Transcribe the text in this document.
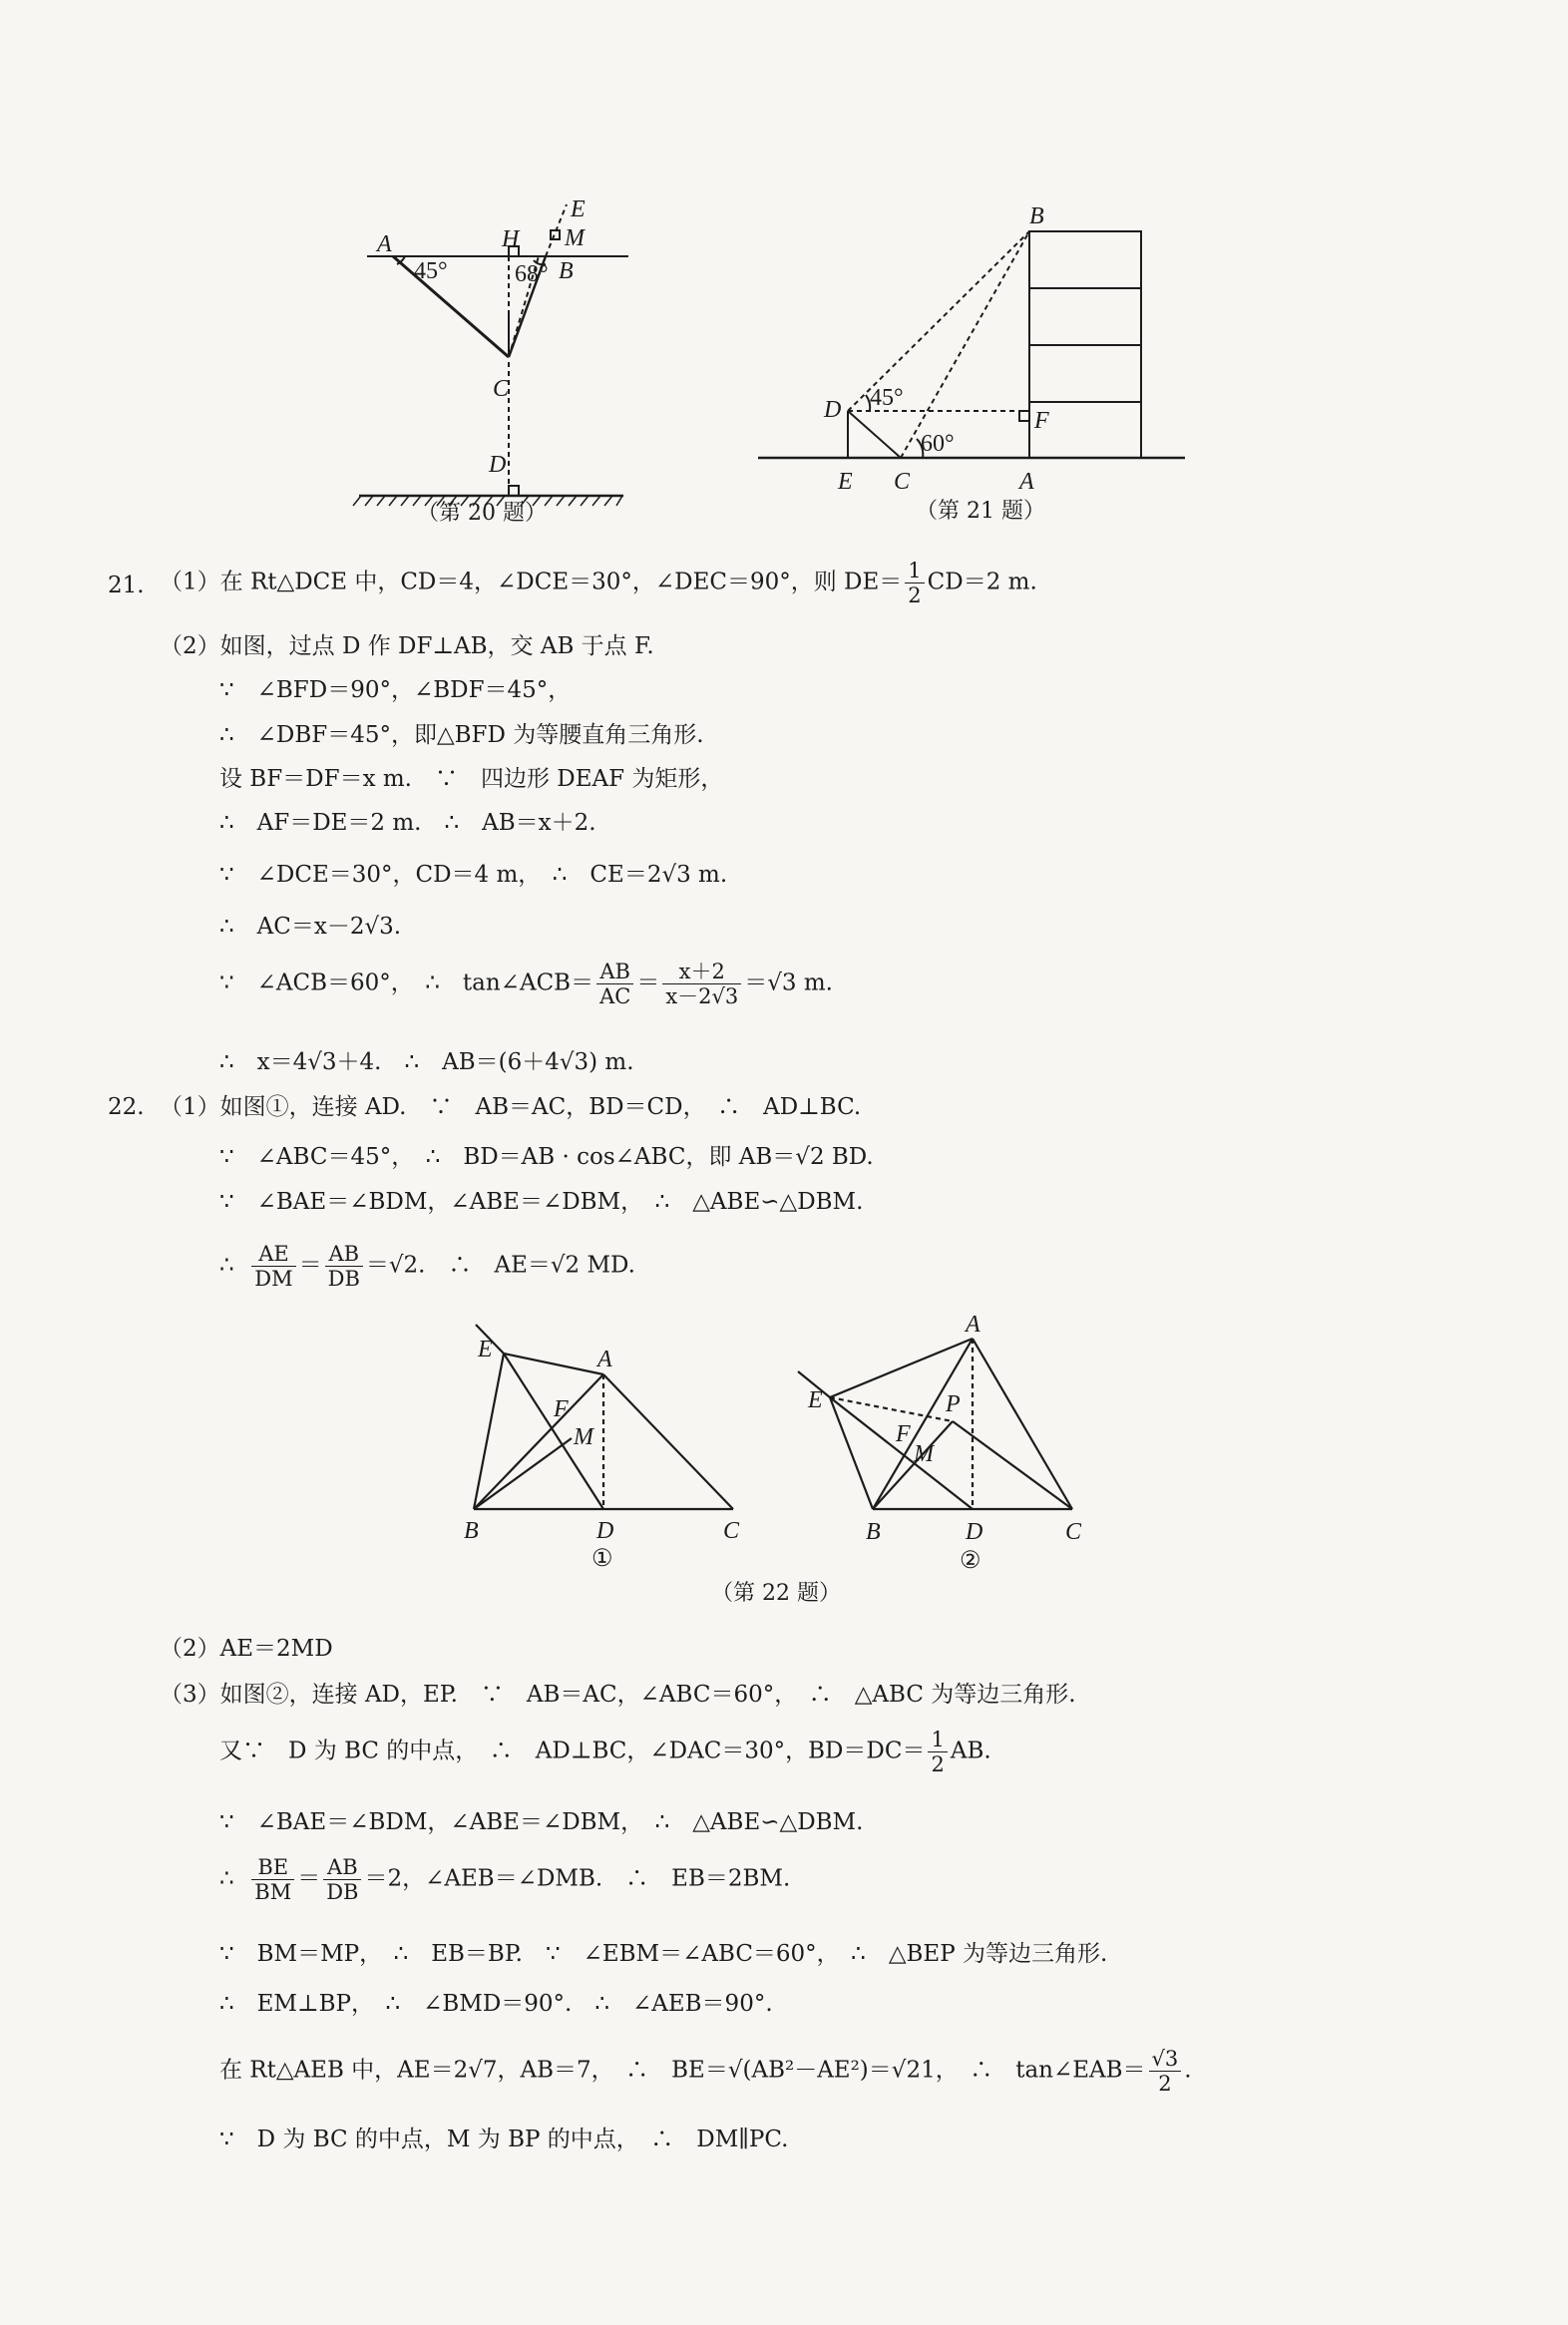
A	H
E
M
B
C
D
45°	68°
（第 20 题）
B
D	F
E C	A
45°
60°
（第 21 题）
21. （1）在 Rt△DCE 中，CD＝4，∠DCE＝30°，∠DEC＝90°，则 $DE= \frac{1}{2} CD=2$ m.
（2）如图，过点 D 作 DF⊥AB，交 AB 于点 F.
∵　∠BFD＝90°，∠BDF＝45°，
∴　∠DBF＝45°，即△BFD 为等腰直角三角形.
设 BF＝DF＝x m.　∵　四边形 DEAF 为矩形，
∴　AF＝DE＝2 m.　∴　AB＝x＋2.
∵　∠DCE＝30°，CD＝4 m，　∴　CE＝2√3 m.
∴　AC＝x－2√3.
∵　∠ACB＝60°，　∴　tan∠ACB＝ $\frac{AB}{AC} = \frac{x+2}{x-2√3} =√3$ m.
∴　x＝4√3＋4.　∴　AB＝(6＋4√3) m.
22. （1）如图①，连接 AD.　∵　AB＝AC，BD＝CD，　∴　AD⊥BC.
∵　∠ABC＝45°，　∴　BD＝AB · cos∠ABC，即 AB＝√2 BD.
∵　∠BAE＝∠BDM，∠ABE＝∠DBM，　∴　△ABE∽△DBM.
∴ $\frac{AE}{DM} = \frac{AB}{DB} =√2$.　∴　AE＝√2 MD.
E	A
F
M
B	D	C
①
A
E	P
F
M
B	D	C
②
（第 22 题）
（2）AE＝2MD
（3）如图②，连接 AD，EP.　∵　AB＝AC，∠ABC＝60°，　∴　△ABC 为等边三角形.
又∵　D 为 BC 的中点，　∴　AD⊥BC，∠DAC＝30°，$BD=DC= \frac{1}{2}$ AB.
∵　∠BAE＝∠BDM，∠ABE＝∠DBM，　∴　△ABE∽△DBM.
∴ $\frac{BE}{BM} = \frac{AB}{DB} =2$，∠AEB＝∠DMB.　∴　EB＝2BM.
∵　BM＝MP，　∴　EB＝BP.　∵　∠EBM＝∠ABC＝60°，　∴　△BEP 为等边三角形.
∴　EM⊥BP，　∴　∠BMD＝90°.　∴　∠AEB＝90°.
在 Rt△AEB 中，AE＝2√7，AB＝7，　∴　BE＝√(AB²－AE²)＝√21，　∴　tan∠EAB＝ $\frac{√3}{2}$ .
∵　D 为 BC 的中点，M 为 BP 的中点，　∴　DM∥PC.
